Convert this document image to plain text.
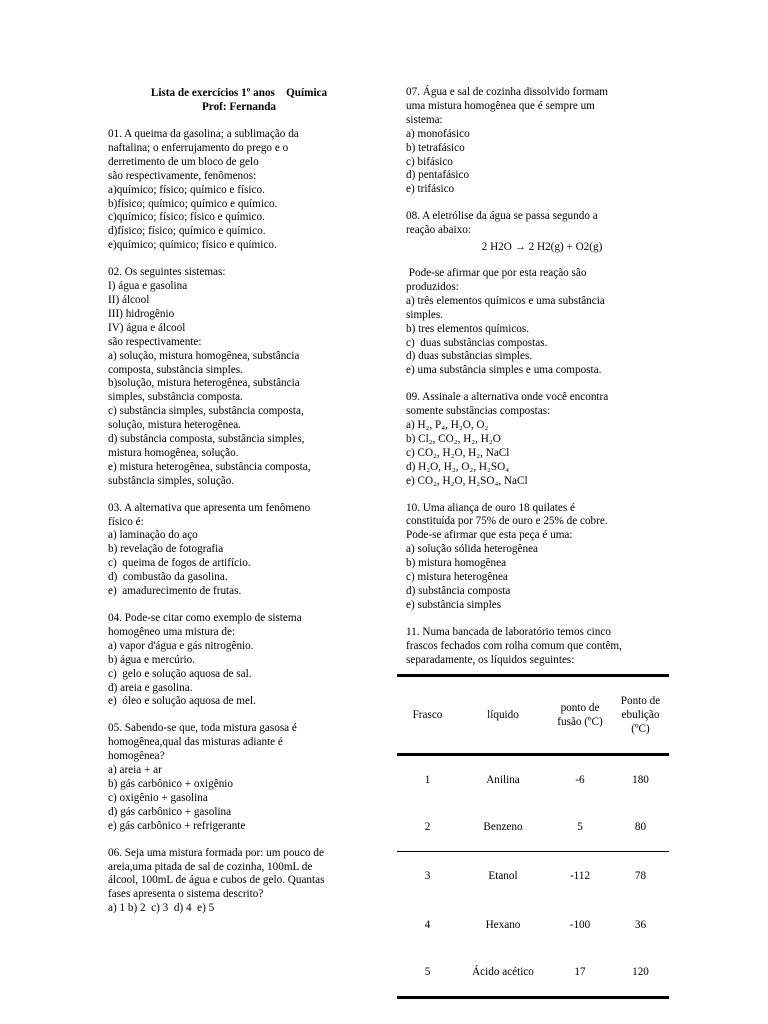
Lista de exercícios 1º anos    Química
Prof: Fernanda
01. A queima da gasolina; a sublimação da
naftalina; o enferrujamento do prego e o
derretimento de um bloco de gelo
são respectivamente, fenômenos:
a)químico; físico; químico e físico.
b)físico; químico; químico e químico.
c)químico; físico; físico e químico.
d)físico; físico; químico e químico.
e)químico; químico; físico e químico.
02. Os seguintes sistemas:
I) água e gasolina
II) álcool
III) hidrogênio
IV) água e álcool
são respectivamente:
a) solução, mistura homogênea, substância
composta, substância simples.
b)solução, mistura heterogênea, substância
simples, substância composta.
c) substância simples, substância composta,
solução, mistura heterogênea.
d) substância composta, substância simples,
mistura homogênea, solução.
e) mistura heterogênea, substância composta,
substância simples, solução.
03. A alternativa que apresenta um fenômeno
físico é:
a) laminação do aço
b) revelação de fotografia
c)  queima de fogos de artifício.
d)  combustão da gasolina.
e)  amadurecimento de frutas.
04. Pode-se citar como exemplo de sistema
homogêneo uma mistura de:
a) vapor d'água e gás nitrogênio.
b) água e mercúrio.
c)  gelo e solução aquosa de sal.
d) areia e gasolina.
e)  óleo e solução aquosa de mel.
05. Sabendo-se que, toda mistura gasosa é
homogênea,qual das misturas adiante é
homogênea?
a) areia + ar
b) gás carbônico + oxigênio
c) oxigênio + gasolina
d) gás carbônico + gasolina
e) gás carbônico + refrigerante
06. Seja uma mistura formada por: um pouco de
areia,uma pitada de sal de cozinha, 100mL de
álcool, 100mL de água e cubos de gelo. Quantas
fases apresenta o sistema descrito?
a) 1 b) 2  c) 3  d) 4  e) 5
07. Água e sal de cozinha dissolvido formam
uma mistura homogênea que é sempre um
sistema:
a) monofásico
b) tetrafásico
c) bifásico
d) pentafásico
e) trifásico
08. A eletrólise da água se passa segundo a
reação abaixo:
2 H2O → 2 H2(g) + O2(g)
Pode-se afirmar que por esta reação são
produzidos:
a) três elementos químicos e uma substância
simples.
b) tres elementos químicos.
c)  duas substâncias compostas.
d) duas substâncias simples.
e) uma substância simples e uma composta.
09. Assinale a alternativa onde você encontra
somente substâncias compostas:
a) H₂, P₄, H₂O, O₂
b) Cl₂, CO₂, H₂, H₂O
c) CO₂, H₂O, H₂, NaCl
d) H₂O, H₂, O₂, H₂SO₄
e) CO₂, H₂O, H₂SO₄, NaCl
10. Uma aliança de ouro 18 quilates é
constituída por 75% de ouro e 25% de cobre.
Pode-se afirmar que esta peça é uma:
a) solução sólida heterogênea
b) mistura homogênea
c) mistura heterogênea
d) substância composta
e) substância simples
11. Numa bancada de laboratório temos cinco
frascos fechados com rolha comum que contêm,
separadamente, os líquidos seguintes:
Frasco	líquido	ponto de fusão (ºC)	Ponto de ebulição (ºC)
1	Anilina	-6	180
2	Benzeno	5	80
3	Etanol	-112	78
4	Hexano	-100	36
5	Ácido acético	17	120
